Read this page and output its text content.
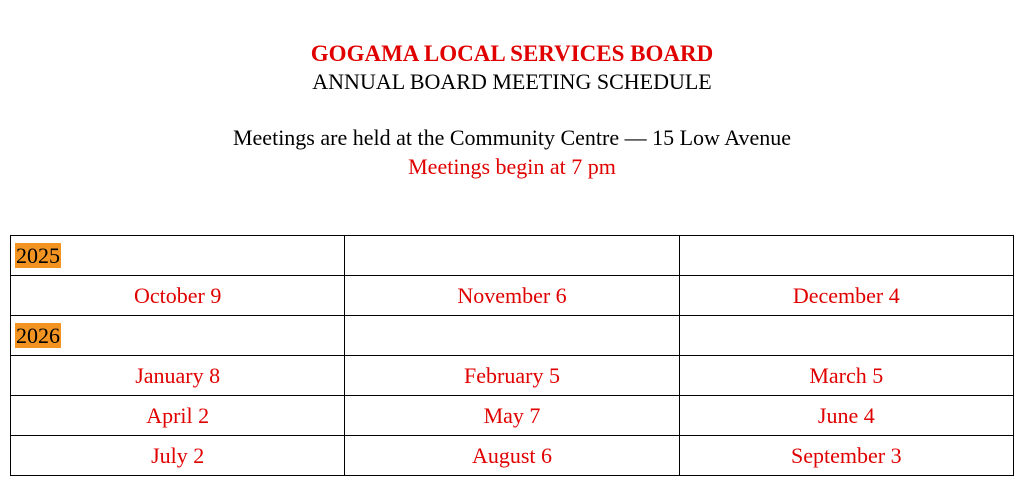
GOGAMA LOCAL SERVICES BOARD
ANNUAL BOARD MEETING SCHEDULE
Meetings are held at the Community Centre — 15 Low Avenue
Meetings begin at 7 pm
2025		
October 9	November 6	December 4
2026		
January 8	February 5	March 5
April 2	May 7	June 4
July 2	August 6	September 3
